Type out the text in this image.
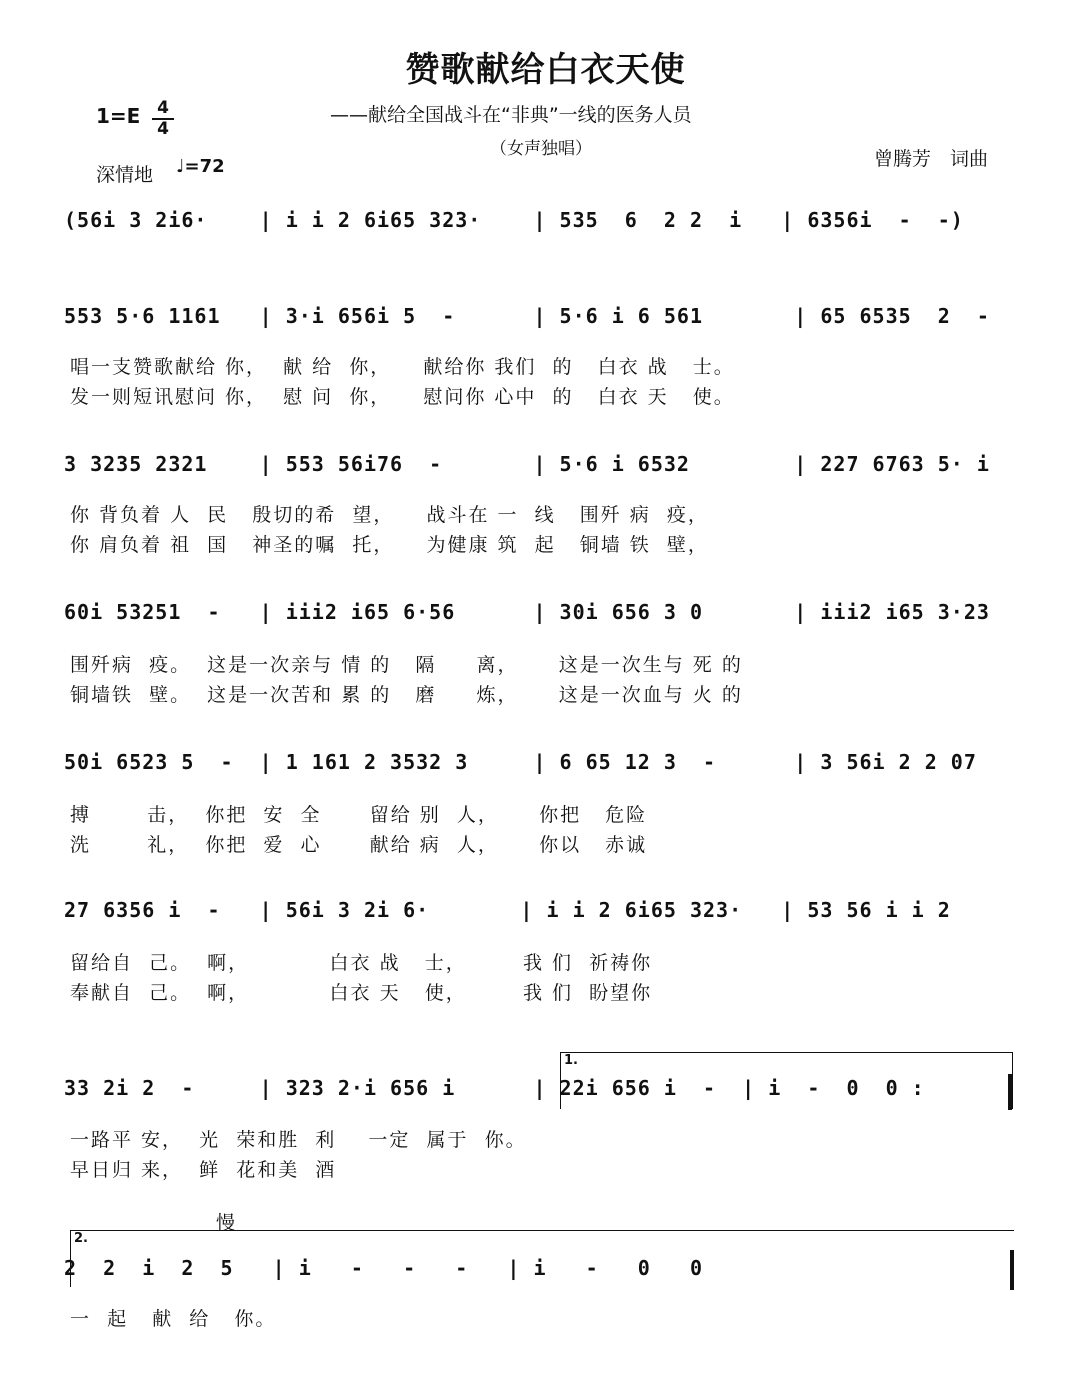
赞歌献给白衣天使
——献给全国战斗在“非典”一线的医务人员
（女声独唱）	曾腾芳　词曲
1=E 4
4
深情地 ♩=72
(56i 3 2i6·    | i i 2 6i65 323·    | 535  6  2 2  i   | 6356i  -  -)
553 5·6 1161   | 3·i 656i 5  -      | 5·6 i 6 561       | 65 6535  2  -
唱一支赞歌献给 你，  献 给  你，    献给你 我们  的   白衣 战   士。
发一则短讯慰问 你，  慰 问  你，    慰问你 心中  的   白衣 天   使。
3 3235 2321    | 553 56i76  -       | 5·6 i 6532        | 227 6763 5· i
你 背负着 人  民   殷切的希  望，    战斗在 一  线   围歼 病  疫，
你 肩负着 祖  国   神圣的嘱  托，    为健康 筑  起   铜墙 铁  壁，
60i 53251  -   | iii2 i65 6·56      | 30i 656 3 0       | iii2 i65 3·23
围歼病  疫。  这是一次亲与 情 的   隔     离，     这是一次生与 死 的
铜墙铁  壁。  这是一次苦和 累 的   磨     炼，     这是一次血与 火 的
50i 6523 5  -  | 1 161 2 3532 3     | 6 65 12 3  -      | 3 56i 2 2 07
搏       击，  你把  安  全      留给 别  人，     你把   危险
洗       礼，  你把  爱  心      献给 病  人，     你以   赤诚
27 6356 i  -   | 56i 3 2i 6·       | i i 2 6i65 323·   | 53 56 i i 2
留给自  己。  啊，          白衣 战   士，       我 们  祈祷你
奉献自  己。  啊，          白衣 天   使，       我 们  盼望你
1.
33 2i 2  -     | 323 2·i 656 i      | 22i 656 i  -  | i  -  0  0 :
一路平 安，  光  荣和胜  利    一定  属于  你。
早日归 来，  鲜  花和美  酒
慢
2.
2  2  i  2  5   | i   -   -   -   | i   -   0   0
一  起   献  给   你。
